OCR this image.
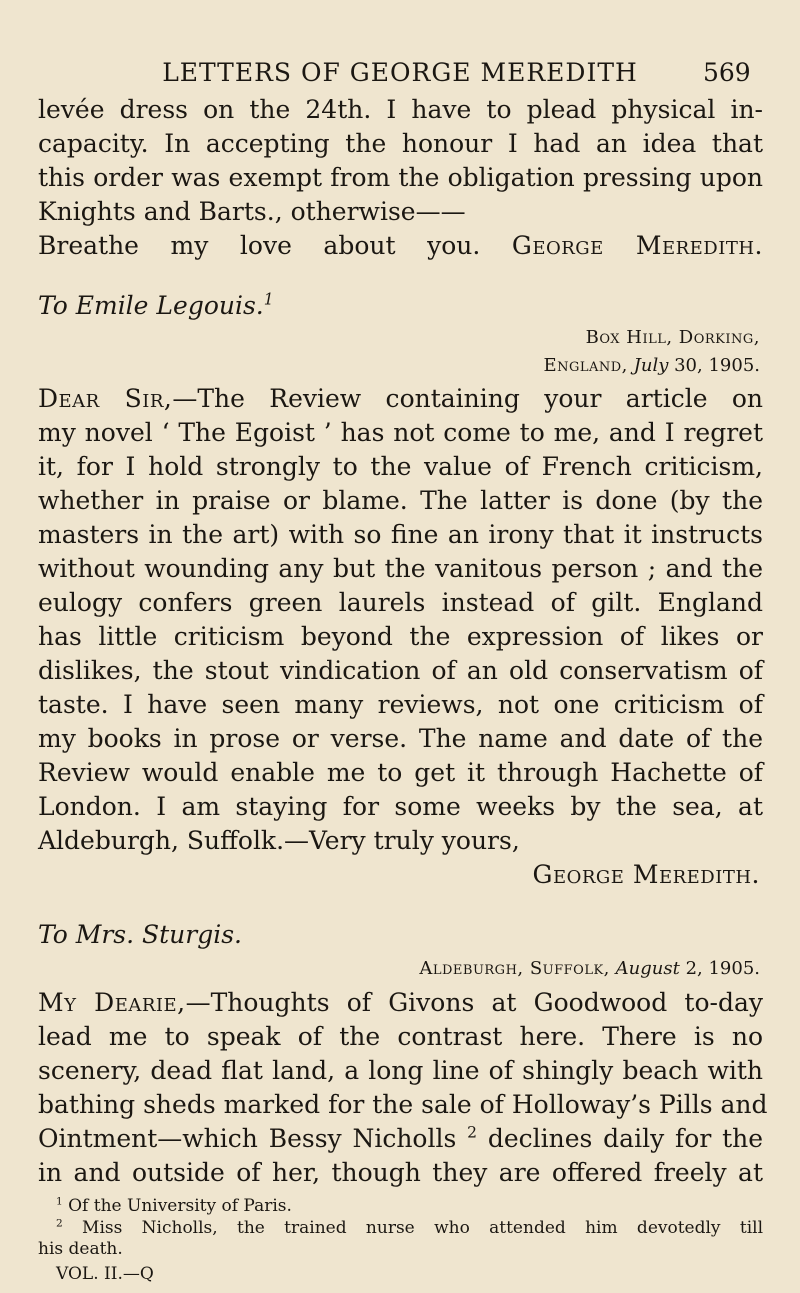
LETTERS OF GEORGE MEREDITH	569
levée dress on the 24th. I have to plead physical in-
capacity. In accepting the honour I had an idea that
this order was exempt from the obligation pressing upon
Knights and Barts., otherwise——
Breathe my love about you. George Meredith.
To Emile Legouis.$^1$
Box Hill, Dorking,
England, July 30, 1905.
Dear Sir,—The Review containing your article on
my novel ‘ The Egoist ’ has not come to me, and I regret
it, for I hold strongly to the value of French criticism,
whether in praise or blame. The latter is done (by the
masters in the art) with so fine an irony that it instructs
without wounding any but the vanitous person ; and the
eulogy confers green laurels instead of gilt. England
has little criticism beyond the expression of likes or
dislikes, the stout vindication of an old conservatism of
taste. I have seen many reviews, not one criticism of
my books in prose or verse. The name and date of the
Review would enable me to get it through Hachette of
London. I am staying for some weeks by the sea, at
Aldeburgh, Suffolk.—Very truly yours,
George Meredith.
To Mrs. Sturgis.
Aldeburgh, Suffolk, August 2, 1905.
My Dearie,—Thoughts of Givons at Goodwood to-day
lead me to speak of the contrast here. There is no
scenery, dead flat land, a long line of shingly beach with
bathing sheds marked for the sale of Holloway’s Pills and
Ointment—which Bessy Nicholls $^2$ declines daily for the
in and outside of her, though they are offered freely at
$^1$ Of the University of Paris.
$^2$ Miss Nicholls, the trained nurse who attended him devotedly till
his death.
VOL. II.—Q
